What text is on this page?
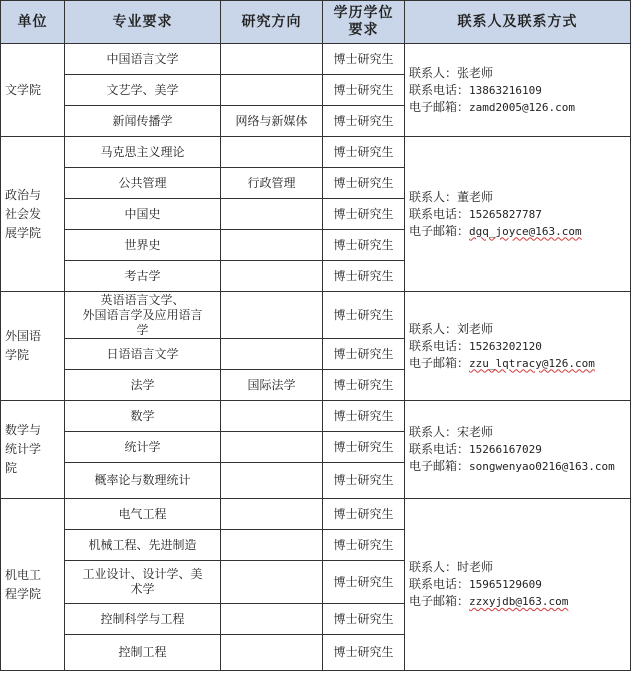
单位	专业要求	研究方向	学历学位
要求	联系人及联系方式
文学院	中国语言文学		博士研究生	联系人：张老师
联系电话：13863216109
电子邮箱：zamd2005@126.com

	文艺学、美学		博士研究生	
	新闻传播学	网络与新媒体	博士研究生	
政治与
社会发
展学院	马克思主义理论		博士研究生	联系人：董老师
联系电话：15265827787
电子邮箱：dgq_joyce@163.com

	公共管理	行政管理	博士研究生	
	中国史		博士研究生	
	世界史		博士研究生	
	考古学		博士研究生	
外国语
学院	英语语言文学、
外国语言学及应用语言
学		博士研究生	联系人：刘老师
联系电话：15263202120
电子邮箱：zzu_lqtracy@126.com

	日语语言文学		博士研究生	
	法学	国际法学	博士研究生	
数学与
统计学
院	数学		博士研究生	联系人：宋老师
联系电话：15266167029
电子邮箱：songwenyao0216@163.com

	统计学		博士研究生	
	概率论与数理统计		博士研究生	
机电工
程学院	电气工程		博士研究生	联系人：时老师
联系电话：15965129609
电子邮箱：zzxyjdb@163.com

	机械工程、先进制造		博士研究生	
	工业设计、设计学、美
术学		博士研究生	
	控制科学与工程		博士研究生	
	控制工程		博士研究生	
